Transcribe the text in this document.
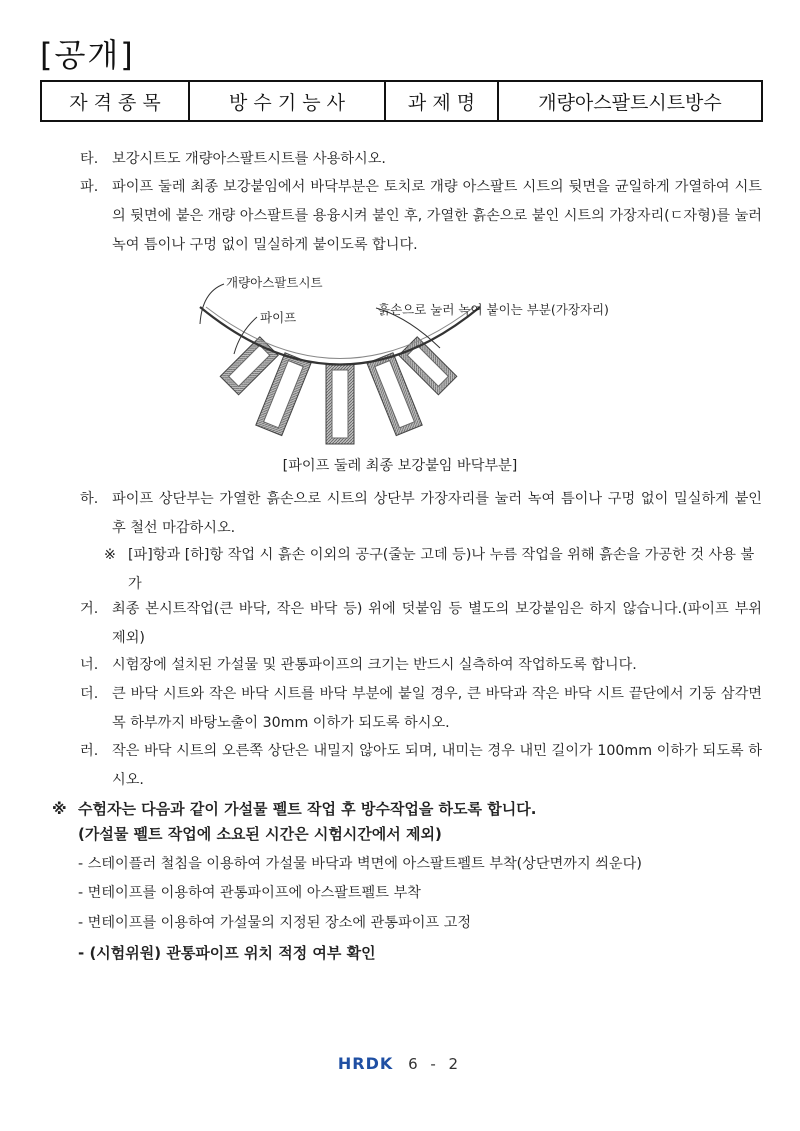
[공개]
자 격 종 목	방 수 기 능 사	과 제 명	개량아스팔트시트방수
타. 보강시트도 개량아스팔트시트를 사용하시오.
파. 파이프 둘레 최종 보강붙임에서 바닥부분은 토치로 개량 아스팔트 시트의 뒷면을 균일하게 가열하여 시트의 뒷면에 붙은 개량 아스팔트를 용융시켜 붙인 후, 가열한 흙손으로 붙인 시트의 가장자리(ㄷ자형)를 눌러 녹여 틈이나 구멍 없이 밀실하게 붙이도록 합니다.
개량아스팔트시트
파이프
흙손으로 눌러 녹여 붙이는 부분(가장자리)
[파이프 둘레 최종 보강붙임 바닥부분]
하. 파이프 상단부는 가열한 흙손으로 시트의 상단부 가장자리를 눌러 녹여 틈이나 구멍 없이 밀실하게 붙인 후 철선 마감하시오.
※ [파]항과 [하]항 작업 시 흙손 이외의 공구(줄눈 고데 등)나 누름 작업을 위해 흙손을 가공한 것 사용 불가
거. 최종 본시트작업(큰 바닥, 작은 바닥 등) 위에 덧붙임 등 별도의 보강붙임은 하지 않습니다.(파이프 부위 제외)
너. 시험장에 설치된 가설물 및 관통파이프의 크기는 반드시 실측하여 작업하도록 합니다.
더. 큰 바닥 시트와 작은 바닥 시트를 바닥 부분에 붙일 경우, 큰 바닥과 작은 바닥 시트 끝단에서 기둥 삼각면목 하부까지 바탕노출이 30mm 이하가 되도록 하시오.
러. 작은 바닥 시트의 오른쪽 상단은 내밀지 않아도 되며, 내미는 경우 내민 길이가 100mm 이하가 되도록 하시오.
※ 수험자는 다음과 같이 가설물 펠트 작업 후 방수작업을 하도록 합니다.
(가설물 펠트 작업에 소요된 시간은 시험시간에서 제외)
- 스테이플러 철침을 이용하여 가설물 바닥과 벽면에 아스팔트펠트 부착(상단면까지 씌운다)
- 면테이프를 이용하여 관통파이프에 아스팔트펠트 부착
- 면테이프를 이용하여 가설물의 지정된 장소에 관통파이프 고정
- (시험위원) 관통파이프 위치 적정 여부 확인
HRDK 6 - 2
